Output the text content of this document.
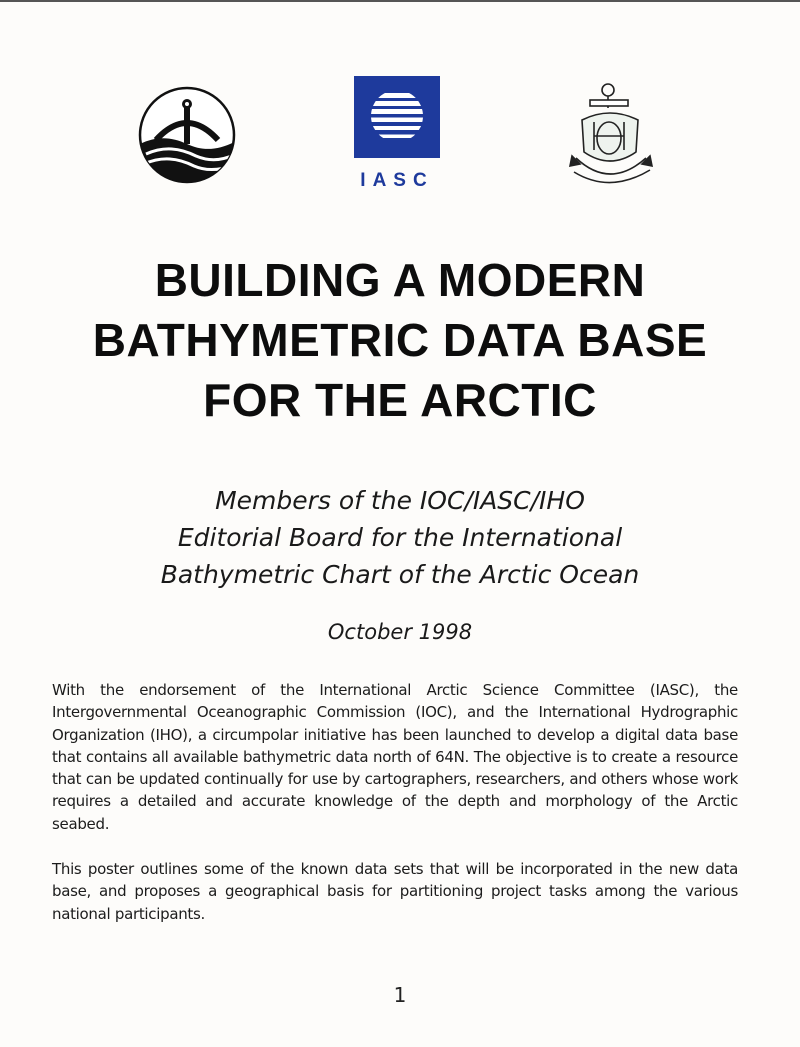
IASC
BUILDING A MODERN
BATHYMETRIC DATA BASE
FOR THE ARCTIC
Members of the IOC/IASC/IHO
Editorial Board for the International
Bathymetric Chart of the Arctic Ocean
October 1998

With the endorsement of the International Arctic Science Committee (IASC), the Intergovernmental Oceanographic Commission (IOC), and the International Hydrographic Organization (IHO), a circumpolar initiative has been launched to develop a digital data base that contains all available bathymetric data north of 64N. The objective is to create a resource that can be updated continually for use by cartographers, researchers, and others whose work requires a detailed and accurate knowledge of the depth and morphology of the Arctic seabed.

This poster outlines some of the known data sets that will be incorporated in the new data base, and proposes a geographical basis for partitioning project tasks among the various national participants.

1
